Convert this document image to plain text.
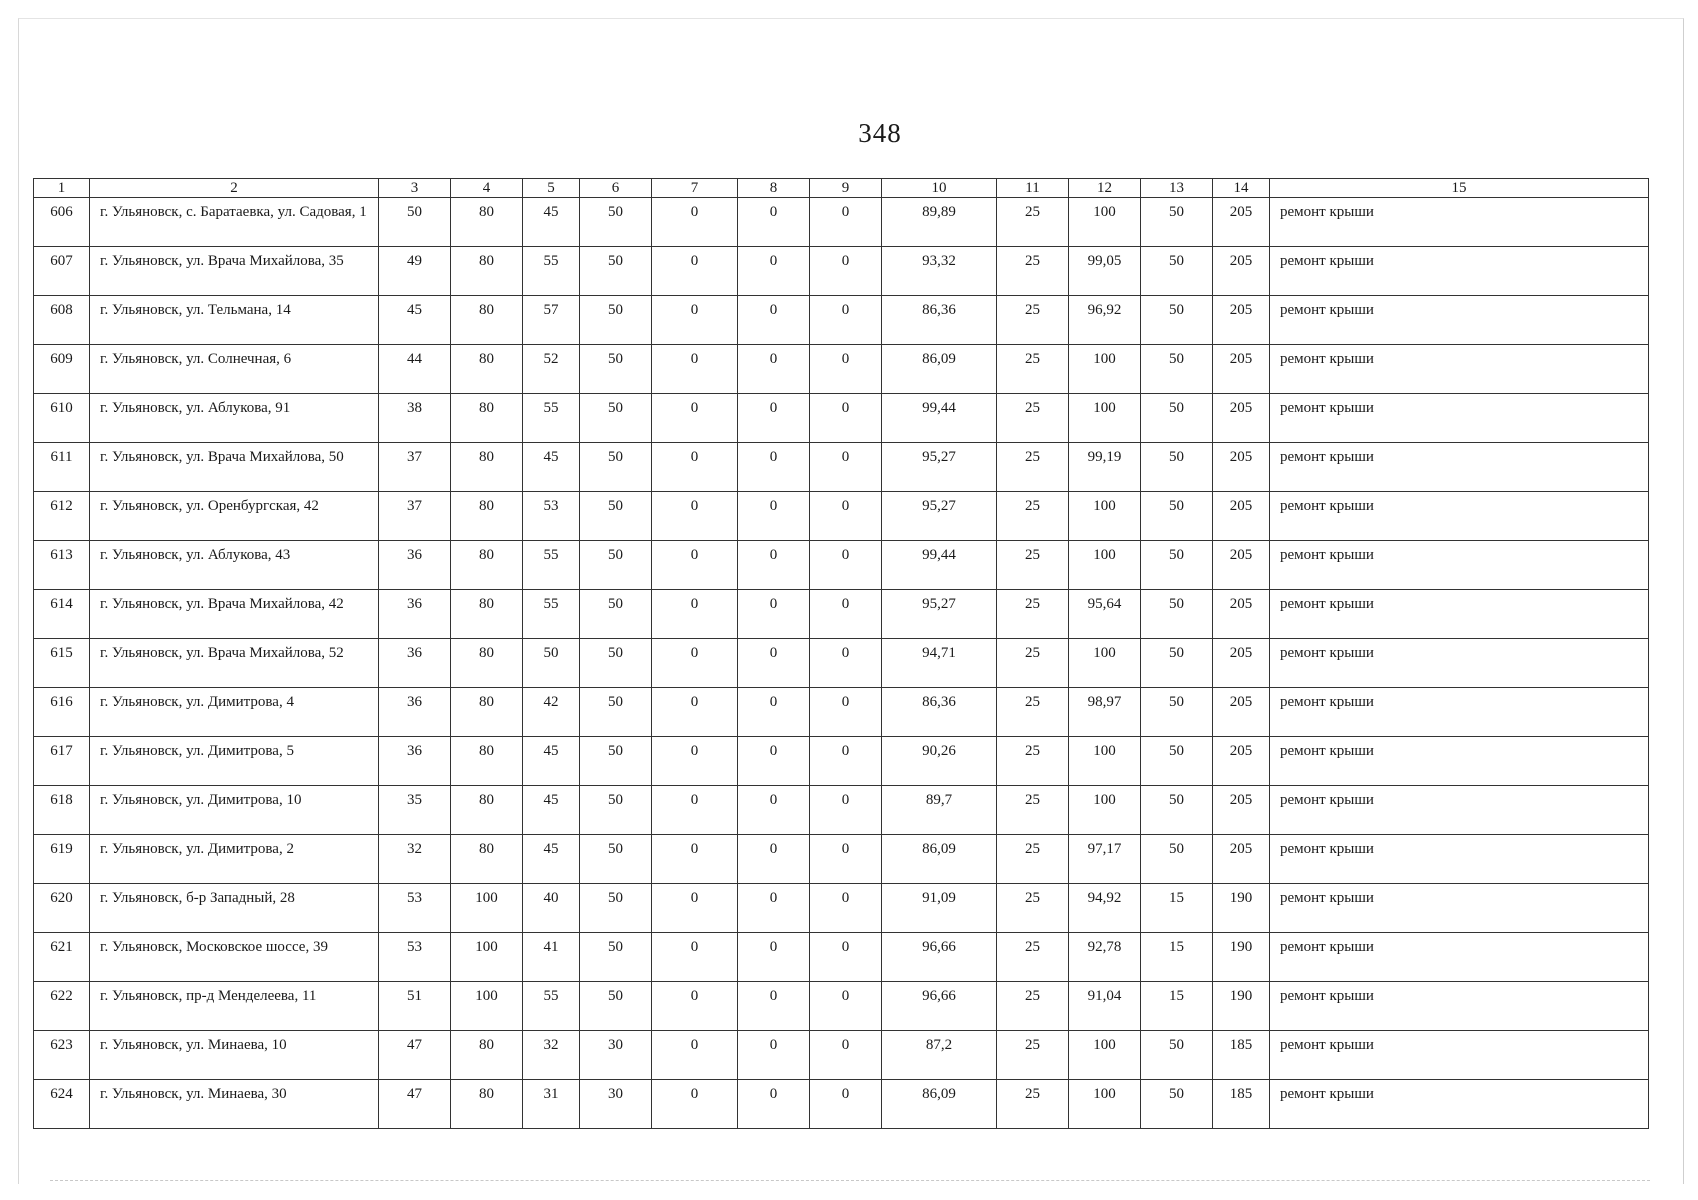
348
1	2	3	4	5	6	7	8	9	10	11	12	13	14	15
606	г. Ульяновск, с. Баратаевка, ул. Садовая, 1	50	80	45	50	0	0	0	89,89	25	100	50	205	ремонт крыши
607	г. Ульяновск, ул. Врача Михайлова, 35	49	80	55	50	0	0	0	93,32	25	99,05	50	205	ремонт крыши
608	г. Ульяновск, ул. Тельмана, 14	45	80	57	50	0	0	0	86,36	25	96,92	50	205	ремонт крыши
609	г. Ульяновск, ул. Солнечная, 6	44	80	52	50	0	0	0	86,09	25	100	50	205	ремонт крыши
610	г. Ульяновск, ул. Аблукова, 91	38	80	55	50	0	0	0	99,44	25	100	50	205	ремонт крыши
611	г. Ульяновск, ул. Врача Михайлова, 50	37	80	45	50	0	0	0	95,27	25	99,19	50	205	ремонт крыши
612	г. Ульяновск, ул. Оренбургская, 42	37	80	53	50	0	0	0	95,27	25	100	50	205	ремонт крыши
613	г. Ульяновск, ул. Аблукова, 43	36	80	55	50	0	0	0	99,44	25	100	50	205	ремонт крыши
614	г. Ульяновск, ул. Врача Михайлова, 42	36	80	55	50	0	0	0	95,27	25	95,64	50	205	ремонт крыши
615	г. Ульяновск, ул. Врача Михайлова, 52	36	80	50	50	0	0	0	94,71	25	100	50	205	ремонт крыши
616	г. Ульяновск, ул. Димитрова, 4	36	80	42	50	0	0	0	86,36	25	98,97	50	205	ремонт крыши
617	г. Ульяновск, ул. Димитрова, 5	36	80	45	50	0	0	0	90,26	25	100	50	205	ремонт крыши
618	г. Ульяновск, ул. Димитрова, 10	35	80	45	50	0	0	0	89,7	25	100	50	205	ремонт крыши
619	г. Ульяновск, ул. Димитрова, 2	32	80	45	50	0	0	0	86,09	25	97,17	50	205	ремонт крыши
620	г. Ульяновск, б-р Западный, 28	53	100	40	50	0	0	0	91,09	25	94,92	15	190	ремонт крыши
621	г. Ульяновск, Московское шоссе, 39	53	100	41	50	0	0	0	96,66	25	92,78	15	190	ремонт крыши
622	г. Ульяновск, пр-д Менделеева, 11	51	100	55	50	0	0	0	96,66	25	91,04	15	190	ремонт крыши
623	г. Ульяновск, ул. Минаева, 10	47	80	32	30	0	0	0	87,2	25	100	50	185	ремонт крыши
624	г. Ульяновск, ул. Минаева, 30	47	80	31	30	0	0	0	86,09	25	100	50	185	ремонт крыши
